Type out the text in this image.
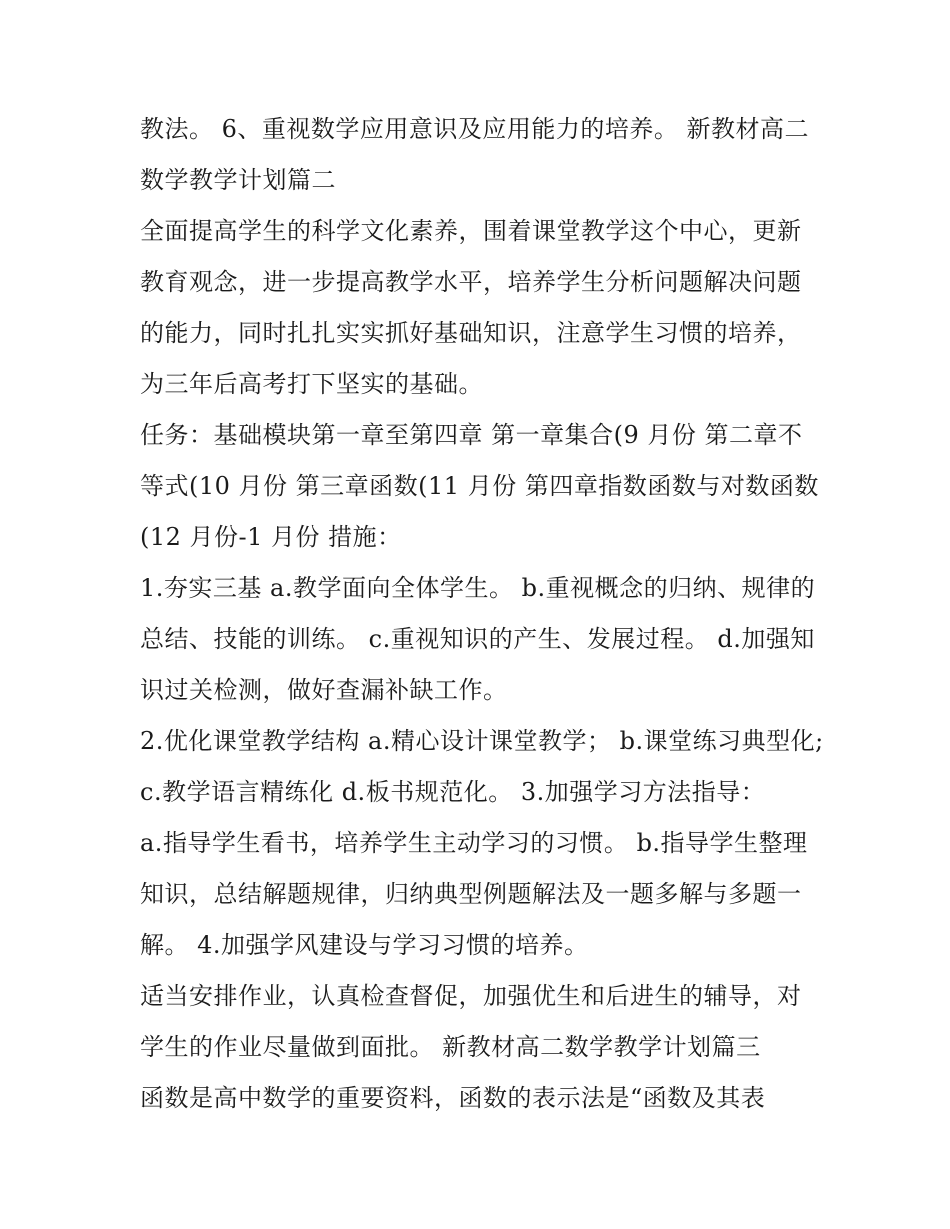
教法。 6、重视数学应用意识及应用能力的培养。 新教材高二
数学教学计划篇二
全面提高学生的科学文化素养，围着课堂教学这个中心，更新
教育观念，进一步提高教学水平，培养学生分析问题解决问题
的能力，同时扎扎实实抓好基础知识，注意学生习惯的培养，
为三年后高考打下坚实的基础。
任务：基础模块第一章至第四章 第一章集合(9 月份 第二章不
等式(10 月份 第三章函数(11 月份 第四章指数函数与对数函数
(12 月份-1 月份 措施：
1.夯实三基 a.教学面向全体学生。 b.重视概念的归纳、规律的
总结、技能的训练。 c.重视知识的产生、发展过程。 d.加强知
识过关检测，做好查漏补缺工作。
2.优化课堂教学结构 a.精心设计课堂教学； b.课堂练习典型化;
c.教学语言精练化 d.板书规范化。 3.加强学习方法指导：
a.指导学生看书，培养学生主动学习的习惯。 b.指导学生整理
知识，总结解题规律，归纳典型例题解法及一题多解与多题一
解。 4.加强学风建设与学习习惯的培养。
适当安排作业，认真检查督促，加强优生和后进生的辅导，对
学生的作业尽量做到面批。 新教材高二数学教学计划篇三
函数是高中数学的重要资料，函数的表示法是“函数及其表
